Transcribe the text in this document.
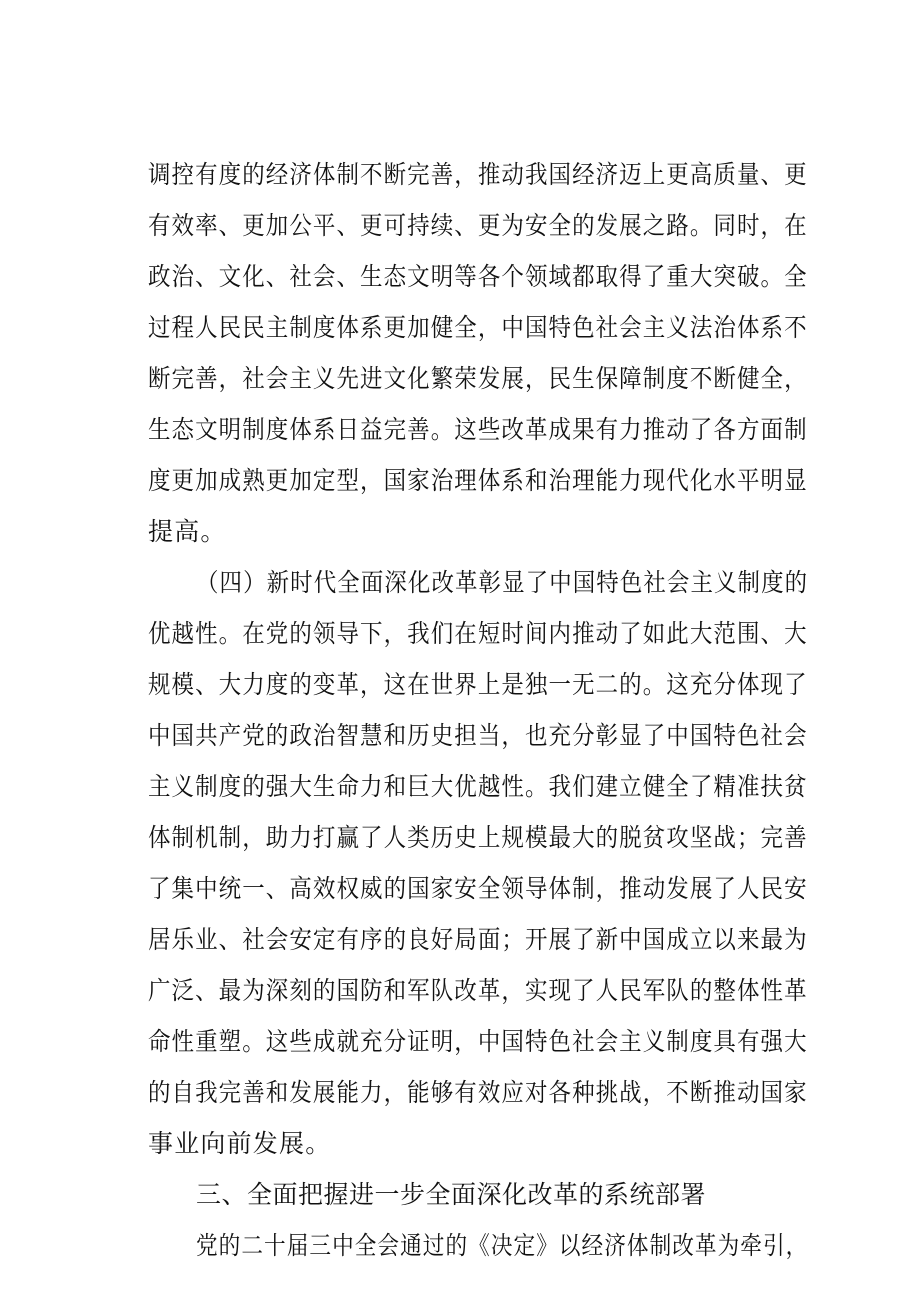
调控有度的经济体制不断完善，推动我国经济迈上更高质量、更
有效率、更加公平、更可持续、更为安全的发展之路。同时，在
政治、文化、社会、生态文明等各个领域都取得了重大突破。全
过程人民民主制度体系更加健全，中国特色社会主义法治体系不
断完善，社会主义先进文化繁荣发展，民生保障制度不断健全，
生态文明制度体系日益完善。这些改革成果有力推动了各方面制
度更加成熟更加定型，国家治理体系和治理能力现代化水平明显
提高。
（四）新时代全面深化改革彰显了中国特色社会主义制度的
优越性。在党的领导下，我们在短时间内推动了如此大范围、大
规模、大力度的变革，这在世界上是独一无二的。这充分体现了
中国共产党的政治智慧和历史担当，也充分彰显了中国特色社会
主义制度的强大生命力和巨大优越性。我们建立健全了精准扶贫
体制机制，助力打赢了人类历史上规模最大的脱贫攻坚战；完善
了集中统一、高效权威的国家安全领导体制，推动发展了人民安
居乐业、社会安定有序的良好局面；开展了新中国成立以来最为
广泛、最为深刻的国防和军队改革，实现了人民军队的整体性革
命性重塑。这些成就充分证明，中国特色社会主义制度具有强大
的自我完善和发展能力，能够有效应对各种挑战，不断推动国家
事业向前发展。
三、全面把握进一步全面深化改革的系统部署
党的二十届三中全会通过的《决定》以经济体制改革为牵引，
